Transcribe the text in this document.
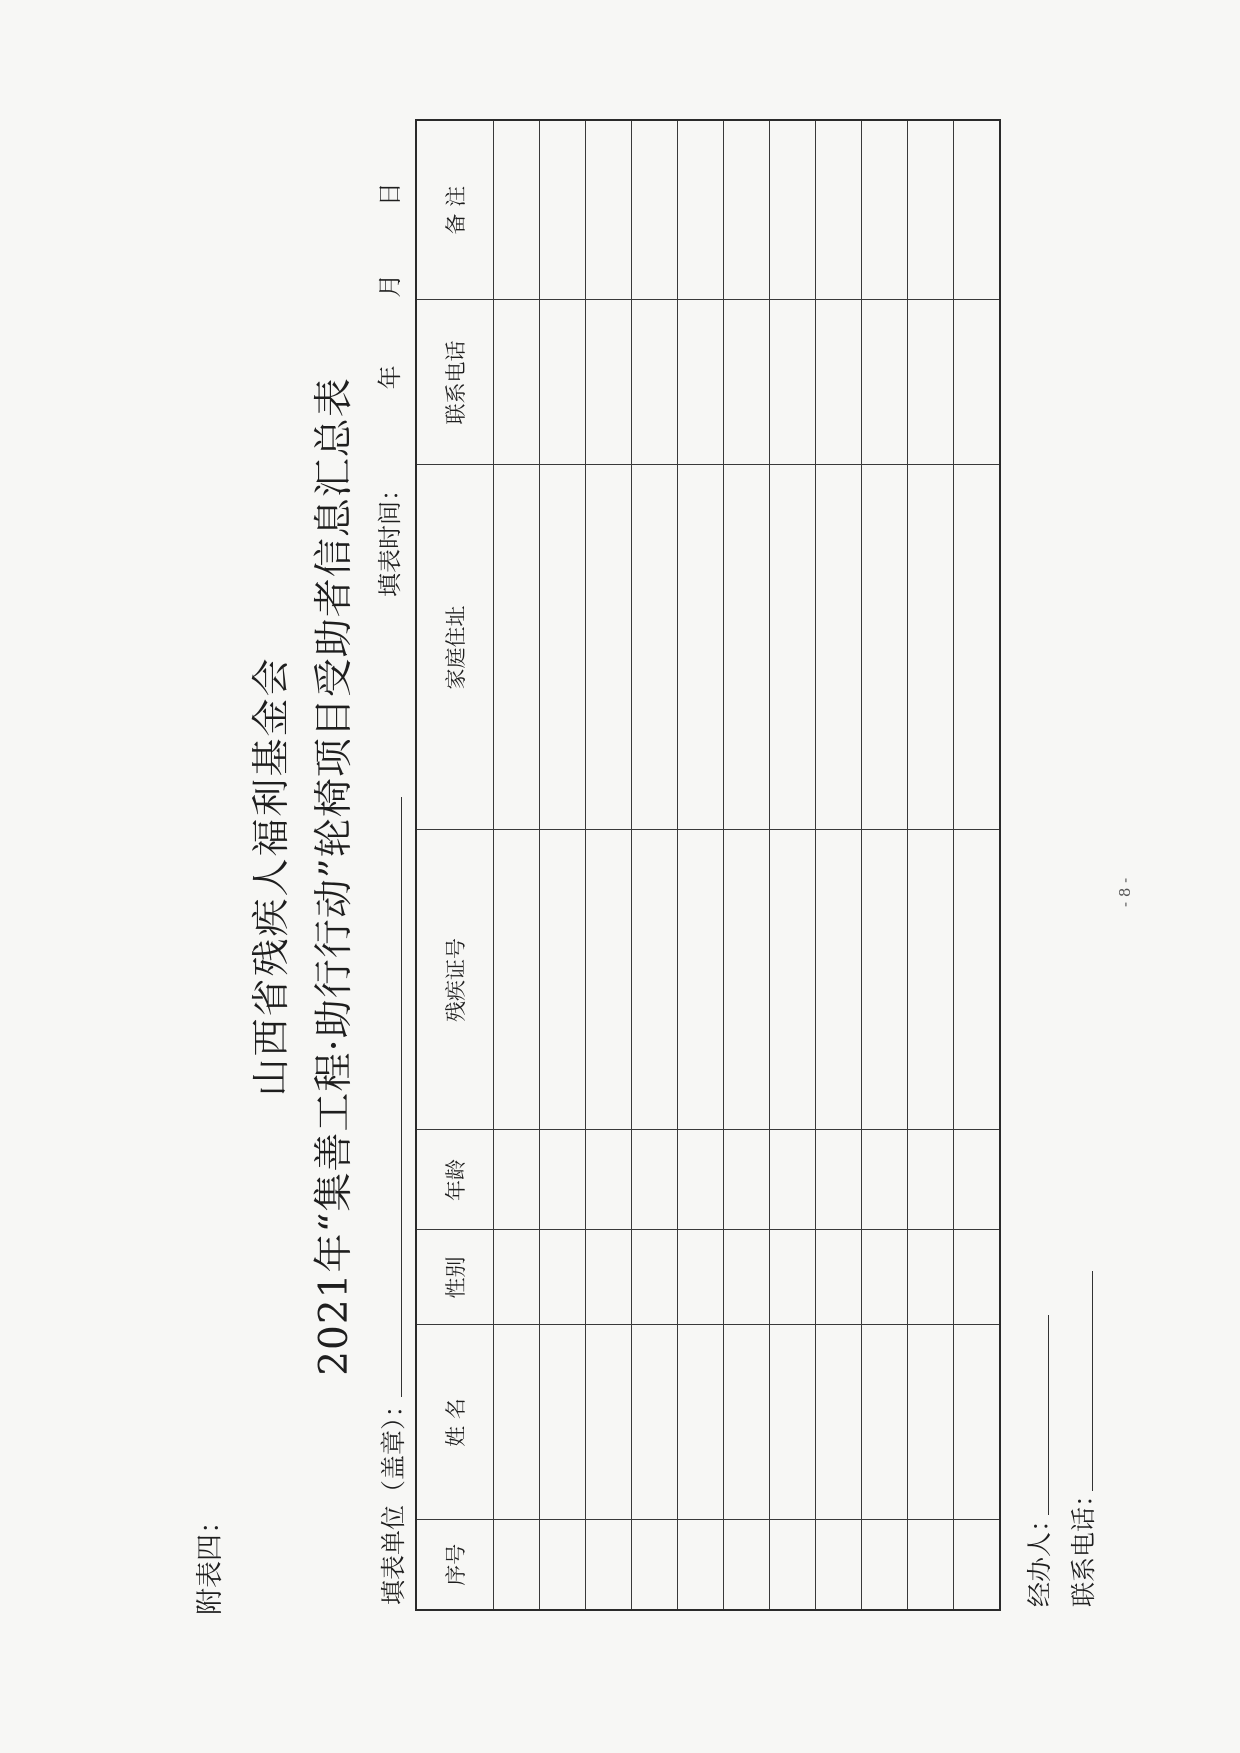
附表四：
山西省残疾人福利基金会 2021年“集善工程·助行行动”轮椅项目受助者信息汇总表
填表单位（盖章）：
填表时间： 年 月 日
序号	姓 名	性别	年龄	残疾证号	家庭住址	联系电话	备 注

经办人： 联系电话：
- 8 -
